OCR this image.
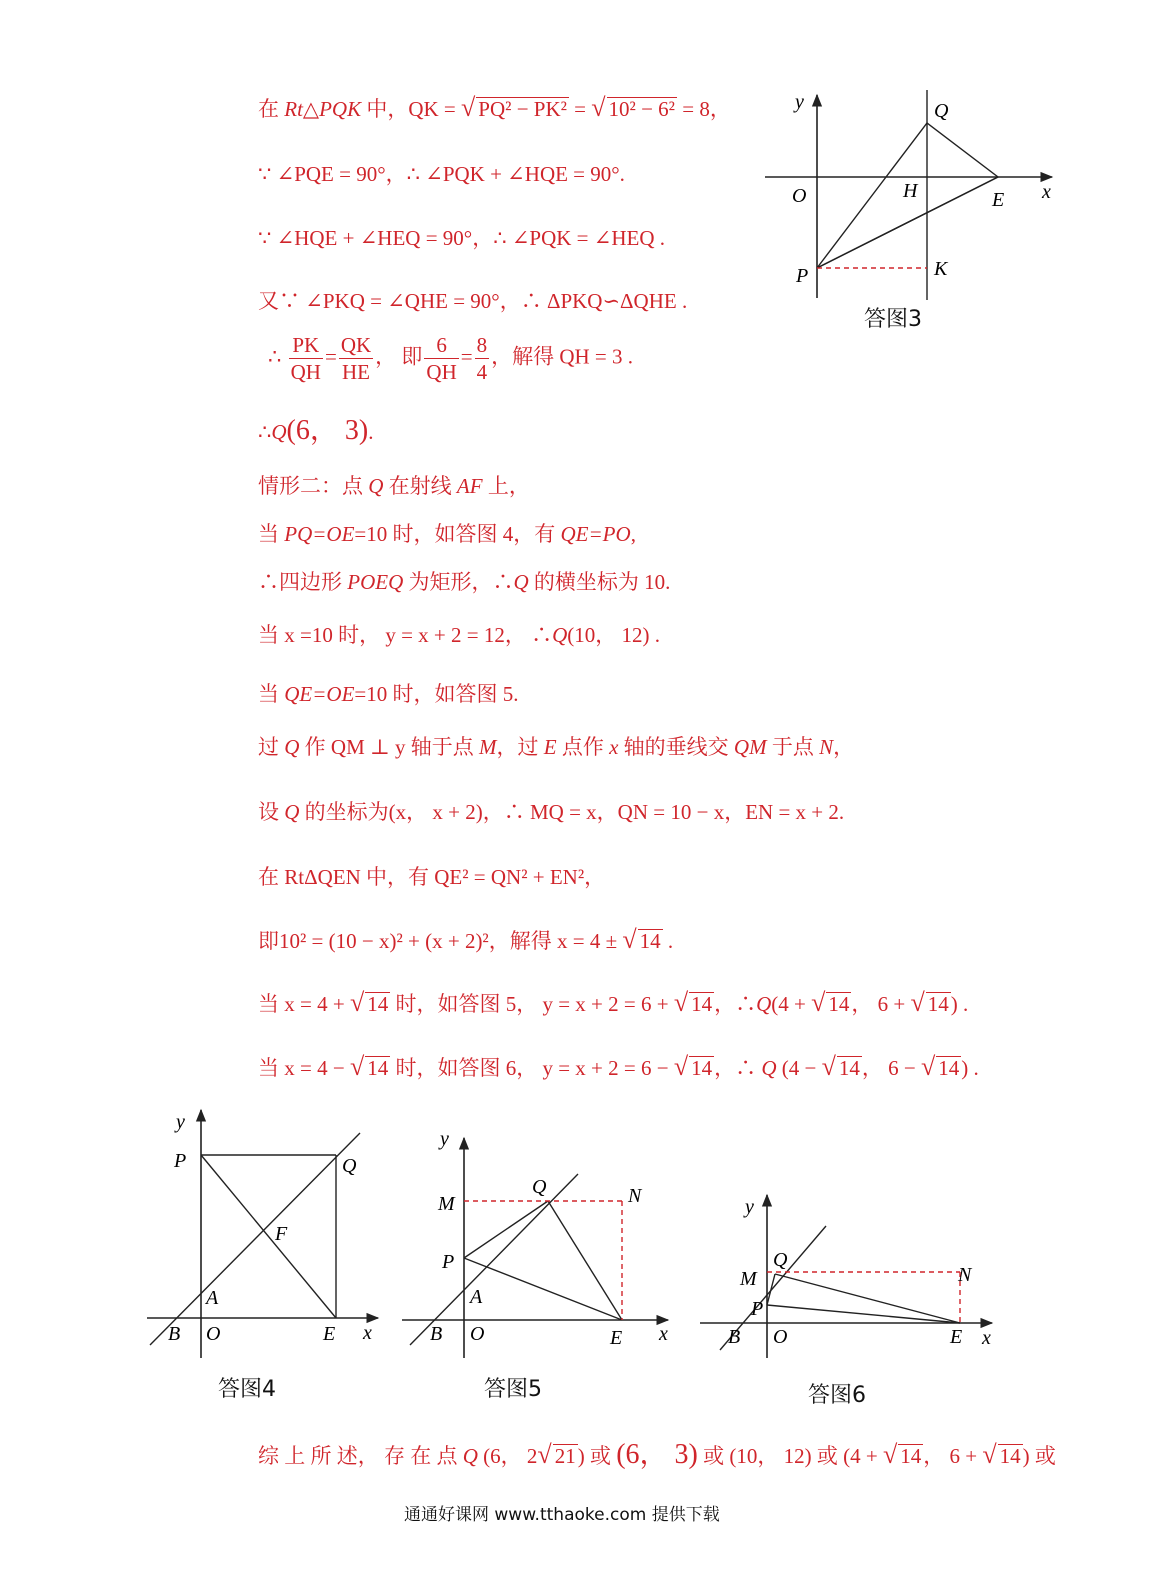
在 Rt△PQK 中，QK = √ PQ² − PK² = √ 10² − 6² = 8，
∵ ∠PQE = 90°，∴ ∠PQK + ∠HQE = 90°.
∵ ∠HQE + ∠HEQ = 90°，∴ ∠PQK = ∠HEQ .
又∵ ∠PKQ = ∠QHE = 90°，∴ ΔPKQ∽ΔQHE .
∴ $\frac{PK}{QH} = \frac{QK}{HE}$ ， 即 $\frac{6}{QH} = \frac{8}{4}$ ，解得 QH = 3 .
∴Q(6， 3).
情形二：点 Q 在射线 AF 上，
当 PQ=OE=10 时，如答图 4，有 QE=PO,
∴四边形 POEQ 为矩形，∴Q 的横坐标为 10.
当 x =10 时， y = x + 2 = 12， ∴Q(10， 12) .
当 QE=OE=10 时，如答图 5.
过 Q 作 QM ⊥ y 轴于点 M，过 E 点作 x 轴的垂线交 QM 于点 N，
设 Q 的坐标为(x， x + 2)，∴ MQ = x，QN = 10 − x，EN = x + 2.
在 RtΔQEN 中，有 QE² = QN² + EN²，
即10² = (10 − x)² + (x + 2)²，解得 x = 4 ± √ 14 .
当 x = 4 + √ 14 时，如答图 5， y = x + 2 = 6 + √ 14，∴Q(4 + √ 14， 6 + √ 14) .
当 x = 4 − √ 14 时，如答图 6， y = x + 2 = 6 − √ 14，∴ Q (4 − √ 14， 6 − √ 14) .
综 上 所 述， 存 在 点 Q (6， 2√ 21) 或 (6， 3) 或 (10， 12) 或 (4 + √ 14， 6 + √ 14) 或
y
x
O
Q
H	E
P	K
答图3
y
x
P	Q
F
A
B O	E
答图4
y
x
M
Q	N
P
A
B O	E
答图5
y
x
Q
M	N
P
B O	E
答图6
通通好课网 www.tthaoke.com 提供下载
